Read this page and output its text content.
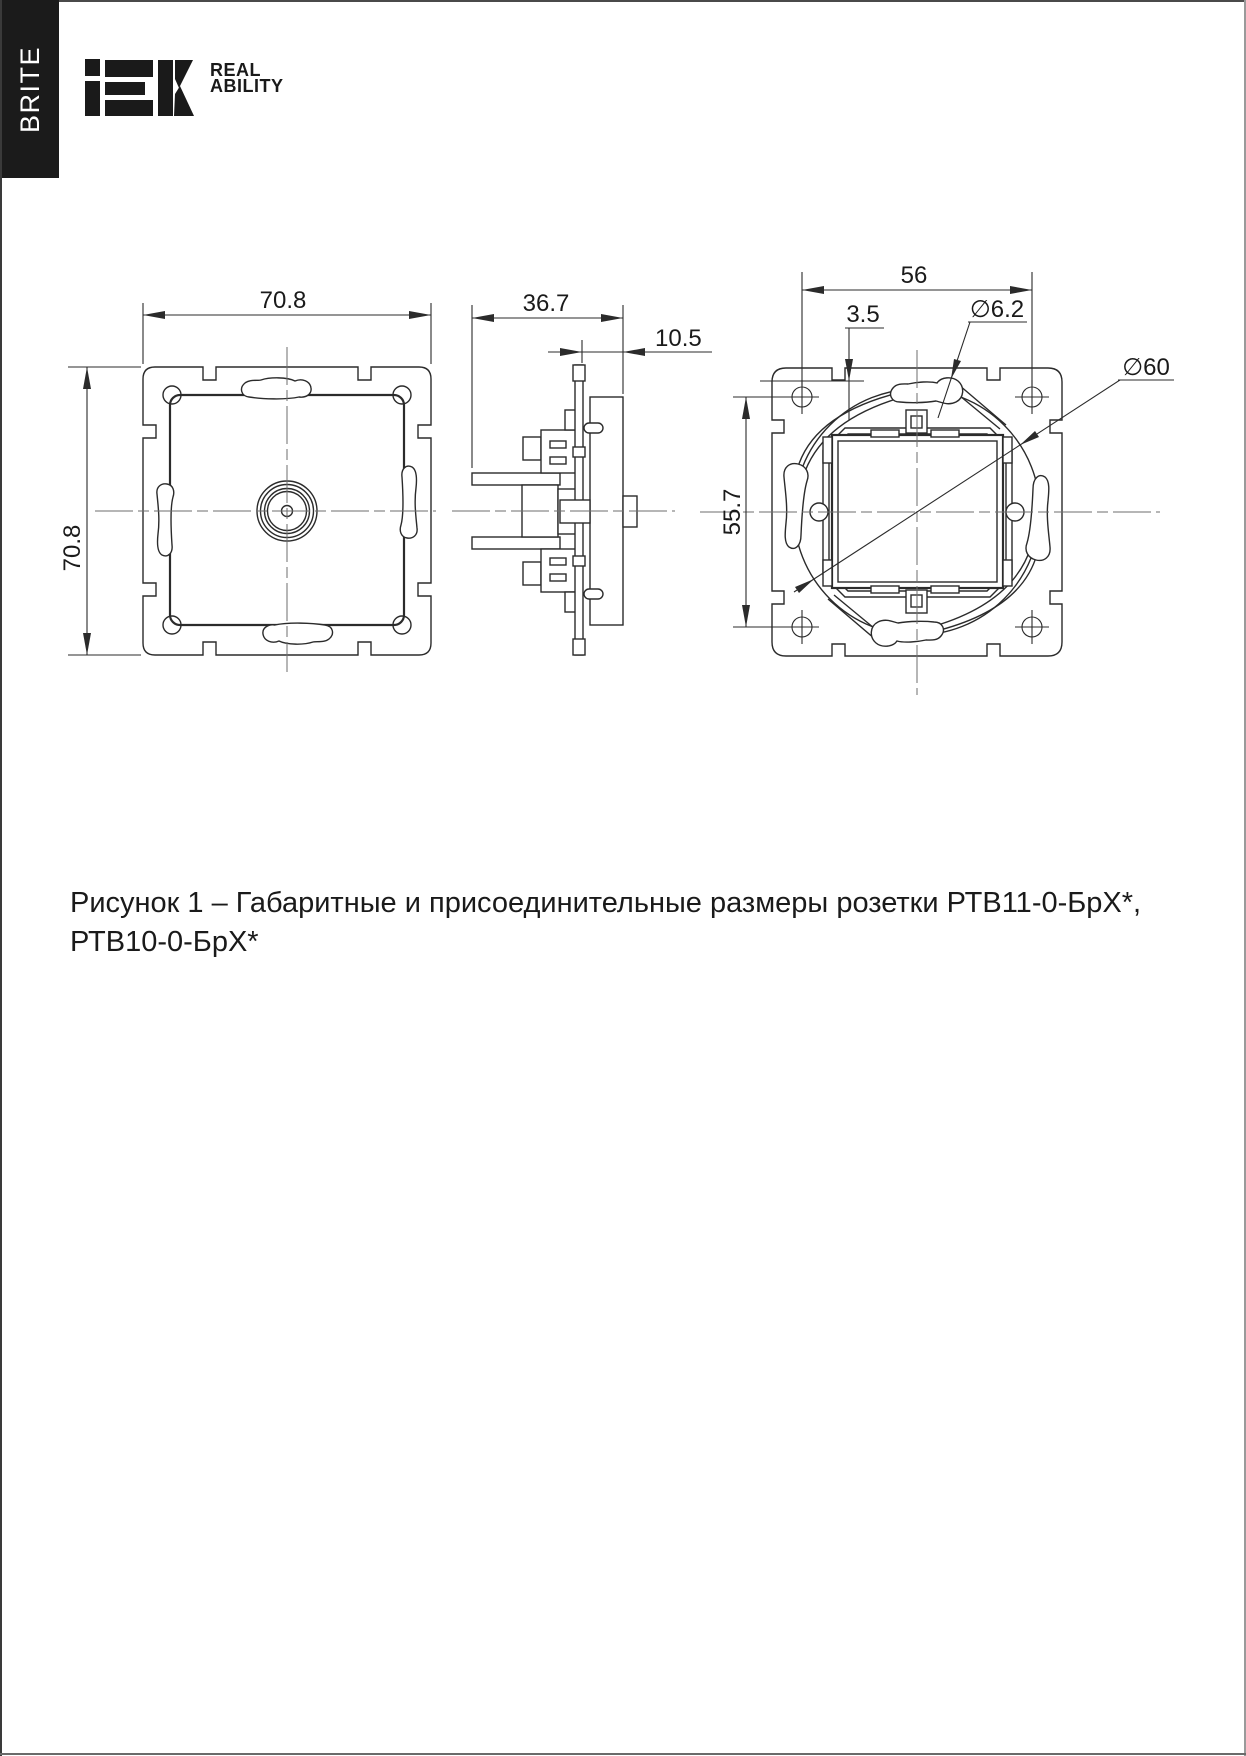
BRITE	REAL
ABILITY
70.8
70.8
36.7
10.5
56
3.5	∅6.2
∅60
55.7
Рисунок 1 – Габаритные и присоединительные размеры розетки РТВ11-0-БрХ*,
РТВ10-0-БрХ*
